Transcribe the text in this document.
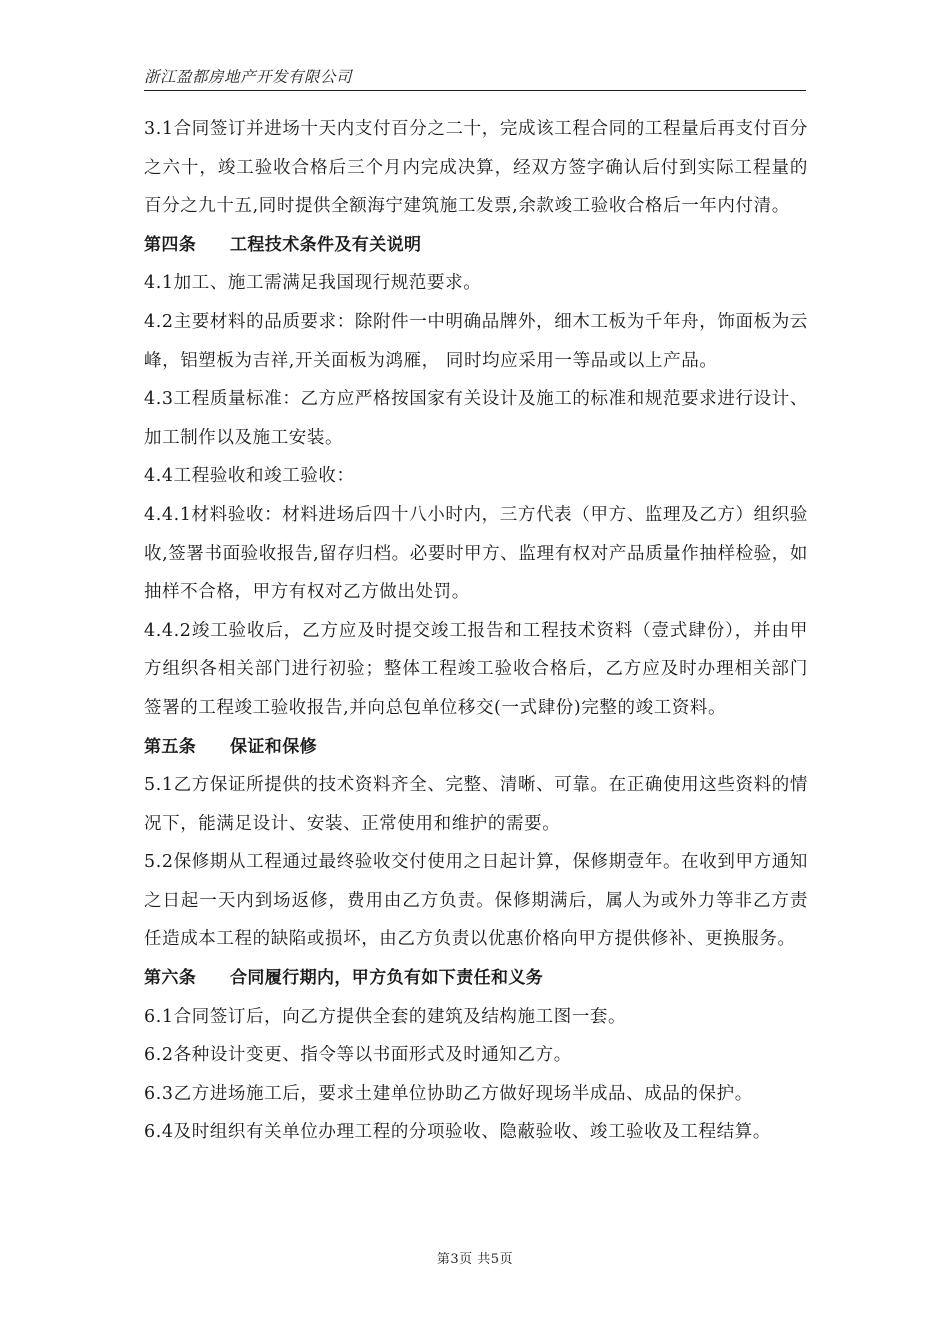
浙江盈都房地产开发有限公司

3.1合同签订并进场十天内支付百分之二十，完成该工程合同的工程量后再支付百分之六十，竣工验收合格后三个月内完成决算，经双方签字确认后付到实际工程量的百分之九十五,同时提供全额海宁建筑施工发票,余款竣工验收合格后一年内付清。

第四条 工程技术条件及有关说明

4.1加工、施工需满足我国现行规范要求。

4.2主要材料的品质要求：除附件一中明确品牌外，细木工板为千年舟，饰面板为云峰，铝塑板为吉祥,开关面板为鸿雁， 同时均应采用一等品或以上产品。

4.3工程质量标准：乙方应严格按国家有关设计及施工的标准和规范要求进行设计、加工制作以及施工安装。

4.4工程验收和竣工验收：

4.4.1材料验收：材料进场后四十八小时内，三方代表（甲方、监理及乙方）组织验收,签署书面验收报告,留存归档。必要时甲方、监理有权对产品质量作抽样检验，如抽样不合格，甲方有权对乙方做出处罚。

4.4.2竣工验收后，乙方应及时提交竣工报告和工程技术资料（壹式肆份），并由甲方组织各相关部门进行初验；整体工程竣工验收合格后，乙方应及时办理相关部门签署的工程竣工验收报告,并向总包单位移交(一式肆份)完整的竣工资料。

第五条 保证和保修

5.1乙方保证所提供的技术资料齐全、完整、清晰、可靠。在正确使用这些资料的情况下，能满足设计、安装、正常使用和维护的需要。

5.2保修期从工程通过最终验收交付使用之日起计算，保修期壹年。在收到甲方通知之日起一天内到场返修，费用由乙方负责。保修期满后，属人为或外力等非乙方责任造成本工程的缺陷或损坏，由乙方负责以优惠价格向甲方提供修补、更换服务。

第六条 合同履行期内，甲方负有如下责任和义务

6.1合同签订后，向乙方提供全套的建筑及结构施工图一套。

6.2各种设计变更、指令等以书面形式及时通知乙方。

6.3乙方进场施工后，要求土建单位协助乙方做好现场半成品、成品的保护。

6.4及时组织有关单位办理工程的分项验收、隐蔽验收、竣工验收及工程结算。

第3页 共5页
